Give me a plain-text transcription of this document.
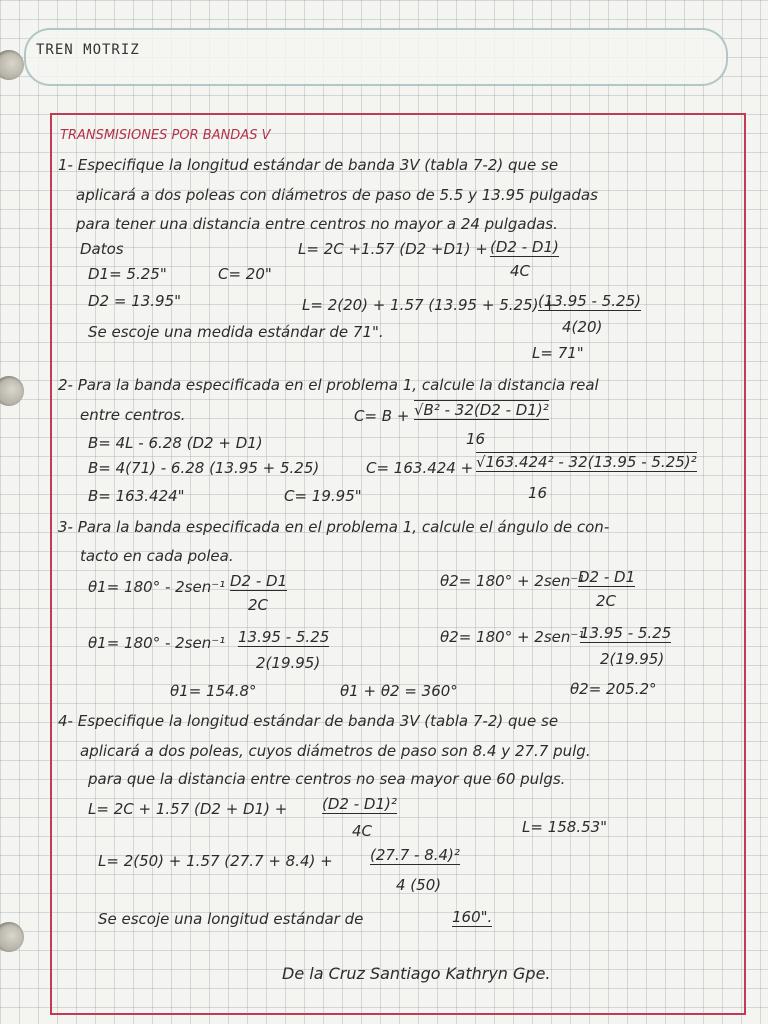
TREN MOTRIZ
TRANSMISIONES POR BANDAS V
1- Especifique la longitud estándar de banda 3V (tabla 7-2) que se
aplicará a dos poleas con diámetros de paso de 5.5 y 13.95 pulgadas
para tener una distancia entre centros no mayor a 24 pulgadas.
Datos	L= 2C +1.57 (D2 +D1) + (D2 - D1)
4C
D1= 5.25"	C= 20"
D2 = 13.95"	L= 2(20) + 1.57 (13.95 + 5.25) +
(13.95 - 5.25)
4(20)
Se escoje una medida estándar de 71".
L= 71"
2- Para la banda especificada en el problema 1, calcule la distancia real
entre centros.	C= B + √B² - 32(D2 - D1)²
16
B= 4L - 6.28 (D2 + D1)
B= 4(71) - 6.28 (13.95 + 5.25)	C= 163.424 + √163.424² - 32(13.95 - 5.25)²
16
B= 163.424"	C= 19.95"
3- Para la banda especificada en el problema 1, calcule el ángulo de con-
tacto en cada polea.
θ1= 180° - 2sen⁻¹ D2 - D1
2C
θ2= 180° + 2sen⁻¹
D2 - D1
2C
θ1= 180° - 2sen⁻¹ 13.95 - 5.25
2(19.95)
θ2= 180° + 2sen⁻¹
13.95 - 5.25
2(19.95)
θ1= 154.8°	θ1 + θ2 = 360°	θ2= 205.2°
4- Especifique la longitud estándar de banda 3V (tabla 7-2) que se
aplicará a dos poleas, cuyos diámetros de paso son 8.4 y 27.7 pulg.
para que la distancia entre centros no sea mayor que 60 pulgs.
L= 2C + 1.57 (D2 + D1) + (D2 - D1)²
4C	L= 158.53"
L= 2(50) + 1.57 (27.7 + 8.4) + (27.7 - 8.4)²
4 (50)
Se escoje una longitud estándar de	160".
De la Cruz Santiago Kathryn Gpe.
